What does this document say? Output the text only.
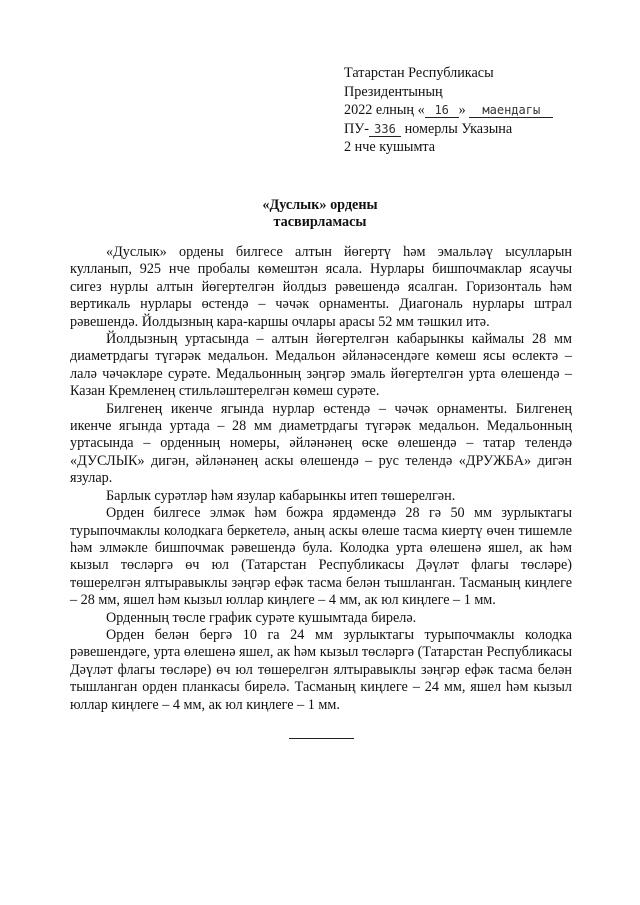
Татарстан Республикасы
Президентының
2022 елның « 16 » маендагы
ПУ- 336 номерлы Указына
2 нче кушымта
«Дуслык» ордены
тасвирламасы

«Дуслык» ордены билгесе алтын йөгертү һәм эмальләү ысулларын кулланып, 925 нче пробалы көмештән ясала. Нурлары бишпочмаклар ясаучы сигез нурлы алтын йөгертелгән йолдыз рәвешендә ясалган. Горизонталь һәм вертикаль нурлары өстендә – чәчәк орнаменты. Диагональ нурлары штрал рәвешендә. Йолдызның кара-каршы очлары арасы 52 мм тәшкил итә.

Йолдызның уртасында – алтын йөгертелгән кабарынкы каймалы 28 мм диаметрдагы түгәрәк медальон. Медальон әйләнәсендәге көмеш ясы өслектә – лалә чәчәкләре сурәте. Медальонның зәңгәр эмаль йөгертелгән урта өлешендә – Казан Кремленең стильләштерелгән көмеш сурәте.

Билгенең икенче ягында нурлар өстендә – чәчәк орнаменты. Билгенең икенче ягында уртада – 28 мм диаметрдагы түгәрәк медальон. Медальонның уртасында – орденның номеры, әйләнәнең өске өлешендә – татар телендә «ДУСЛЫК» дигән, әйләнәнең аскы өлешендә – рус телендә «ДРУЖБА» дигән язулар.

Барлык сурәтләр һәм язулар кабарынкы итеп төшерелгән.

Орден билгесе элмәк һәм божра ярдәмендә 28 гә 50 мм зурлыктагы турыпочмаклы колодкага беркетелә, аның аскы өлеше тасма киертү өчен тишемле һәм элмәкле бишпочмак рәвешендә була. Колодка урта өлешенә яшел, ак һәм кызыл төсләргә өч юл (Татарстан Республикасы Дәүләт флагы төсләре) төшерелгән ялтыравыклы зәңгәр ефәк тасма белән тышланган. Тасманың киңлеге – 28 мм, яшел һәм кызыл юллар киңлеге – 4 мм, ак юл киңлеге – 1 мм.

Орденның төсле график сурәте кушымтада бирелә.

Орден белән бергә 10 га 24 мм зурлыктагы турыпочмаклы колодка рәвешендәге, урта өлешенә яшел, ак һәм кызыл төсләргә (Татарстан Республикасы Дәүләт флагы төсләре) өч юл төшерелгән ялтыравыклы зәңгәр ефәк тасма белән тышланган орден планкасы бирелә. Тасманың киңлеге – 24 мм, яшел һәм кызыл юллар киңлеге – 4 мм, ак юл киңлеге – 1 мм.
